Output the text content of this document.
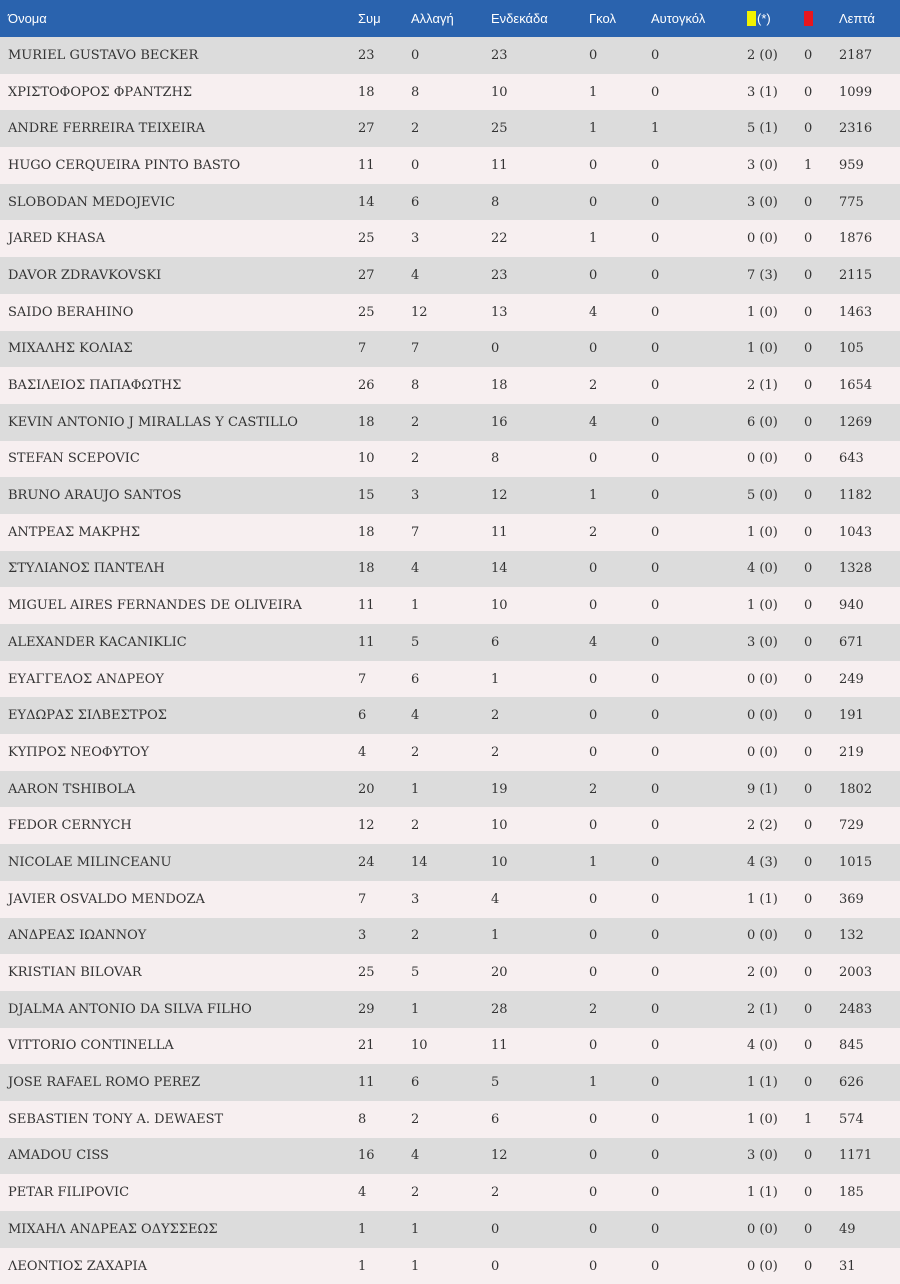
Όνομα	Συμ	Αλλαγή	Ενδεκάδα	Γκολ	Αυτογκόλ	(*)		Λεπτά
MURIEL GUSTAVO BECKER	23	0	23	0	0	2 (0)	0	2187
ΧΡΙΣΤΟΦΟΡΟΣ ΦΡΑΝΤΖΗΣ	18	8	10	1	0	3 (1)	0	1099
ANDRE FERREIRA TEIXEIRA	27	2	25	1	1	5 (1)	0	2316
HUGO CERQUEIRA PINTO BASTO	11	0	11	0	0	3 (0)	1	959
SLOBODAN MEDOJEVIC	14	6	8	0	0	3 (0)	0	775
JARED KHASA	25	3	22	1	0	0 (0)	0	1876
DAVOR ZDRAVKOVSKI	27	4	23	0	0	7 (3)	0	2115
SAIDO BERAHINO	25	12	13	4	0	1 (0)	0	1463
ΜΙΧΑΛΗΣ ΚΟΛΙΑΣ	7	7	0	0	0	1 (0)	0	105
ΒΑΣΙΛΕΙΟΣ ΠΑΠΑΦΩΤΗΣ	26	8	18	2	0	2 (1)	0	1654
KEVIN ANTONIO J MIRALLAS Y CASTILLO	18	2	16	4	0	6 (0)	0	1269
STEFAN SCEPOVIC	10	2	8	0	0	0 (0)	0	643
BRUNO ARAUJO SANTOS	15	3	12	1	0	5 (0)	0	1182
ΑΝΤΡΕΑΣ ΜΑΚΡΗΣ	18	7	11	2	0	1 (0)	0	1043
ΣΤΥΛΙΑΝΟΣ ΠΑΝΤΕΛΗ	18	4	14	0	0	4 (0)	0	1328
MIGUEL AIRES FERNANDES DE OLIVEIRA	11	1	10	0	0	1 (0)	0	940
ALEXANDER KACANIKLIC	11	5	6	4	0	3 (0)	0	671
ΕΥΑΓΓΕΛΟΣ ΑΝΔΡΕΟΥ	7	6	1	0	0	0 (0)	0	249
ΕΥΔΩΡΑΣ ΣΙΛΒΕΣΤΡΟΣ	6	4	2	0	0	0 (0)	0	191
ΚΥΠΡΟΣ ΝΕΟΦΥΤΟΥ	4	2	2	0	0	0 (0)	0	219
AARON TSHIBOLA	20	1	19	2	0	9 (1)	0	1802
FEDOR CERNYCH	12	2	10	0	0	2 (2)	0	729
NICOLAE MILINCEANU	24	14	10	1	0	4 (3)	0	1015
JAVIER OSVALDO MENDOZA	7	3	4	0	0	1 (1)	0	369
ΑΝΔΡΕΑΣ ΙΩΑΝΝΟΥ	3	2	1	0	0	0 (0)	0	132
KRISTIAN BILOVAR	25	5	20	0	0	2 (0)	0	2003
DJALMA ANTONIO DA SILVA FILHO	29	1	28	2	0	2 (1)	0	2483
VITTORIO CONTINELLA	21	10	11	0	0	4 (0)	0	845
JOSE RAFAEL ROMO PEREZ	11	6	5	1	0	1 (1)	0	626
SEBASTIEN TONY A. DEWAEST	8	2	6	0	0	1 (0)	1	574
AMADOU CISS	16	4	12	0	0	3 (0)	0	1171
PETAR FILIPOVIC	4	2	2	0	0	1 (1)	0	185
ΜΙΧΑΗΛ ΑΝΔΡΕΑΣ ΟΔΥΣΣΕΩΣ	1	1	0	0	0	0 (0)	0	49
ΛΕΟΝΤΙΟΣ ΖΑΧΑΡΙΑ	1	1	0	0	0	0 (0)	0	31
